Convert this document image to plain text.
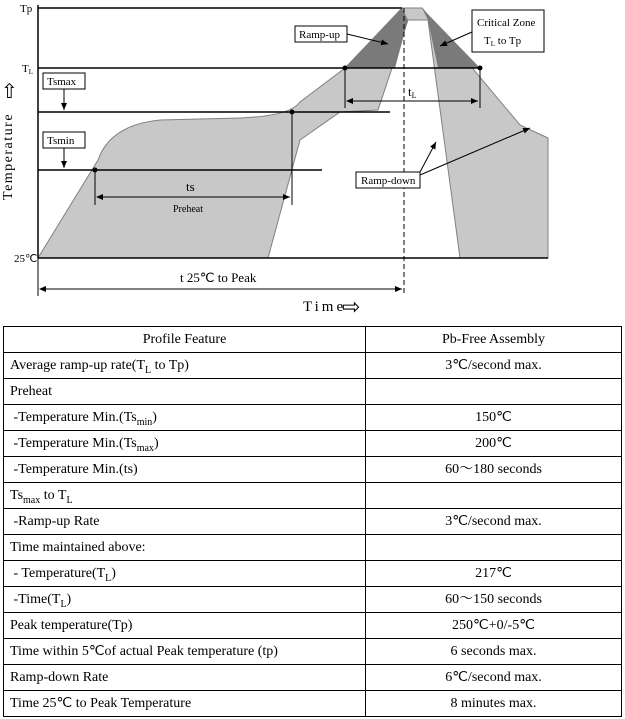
Temperature
⇧
Tp
TL
25℃
Tsmax
Tsmin
Ramp-up
Critical Zone
TL to Tp
tL
ts
Preheat
Ramp-down
t 25℃ to Peak
Time
⇨
Profile Feature	Pb-Free Assembly
Average ramp-up $rate(T_L$ to Tp)	3℃/second max.
Preheat	
-Temperature $Min.(Ts_{min})$	150℃
-Temperature $Min.(Ts_{max})$	200℃
-Temperature Min.(ts)	60～180 seconds
$Ts_{max}$ to $T_L$	
-Ramp-up Rate	3℃/second max.
Time maintained above:	
- $Temperature(T_L)$	217℃
$-Time(T_L)$	60～150 seconds
Peak temperature(Tp)	250℃+0/-5℃
Time within 5℃of actual Peak temperature (tp)	6 seconds max.
Ramp-down Rate	6℃/second max.
Time 25℃ to Peak Temperature	8 minutes max.
